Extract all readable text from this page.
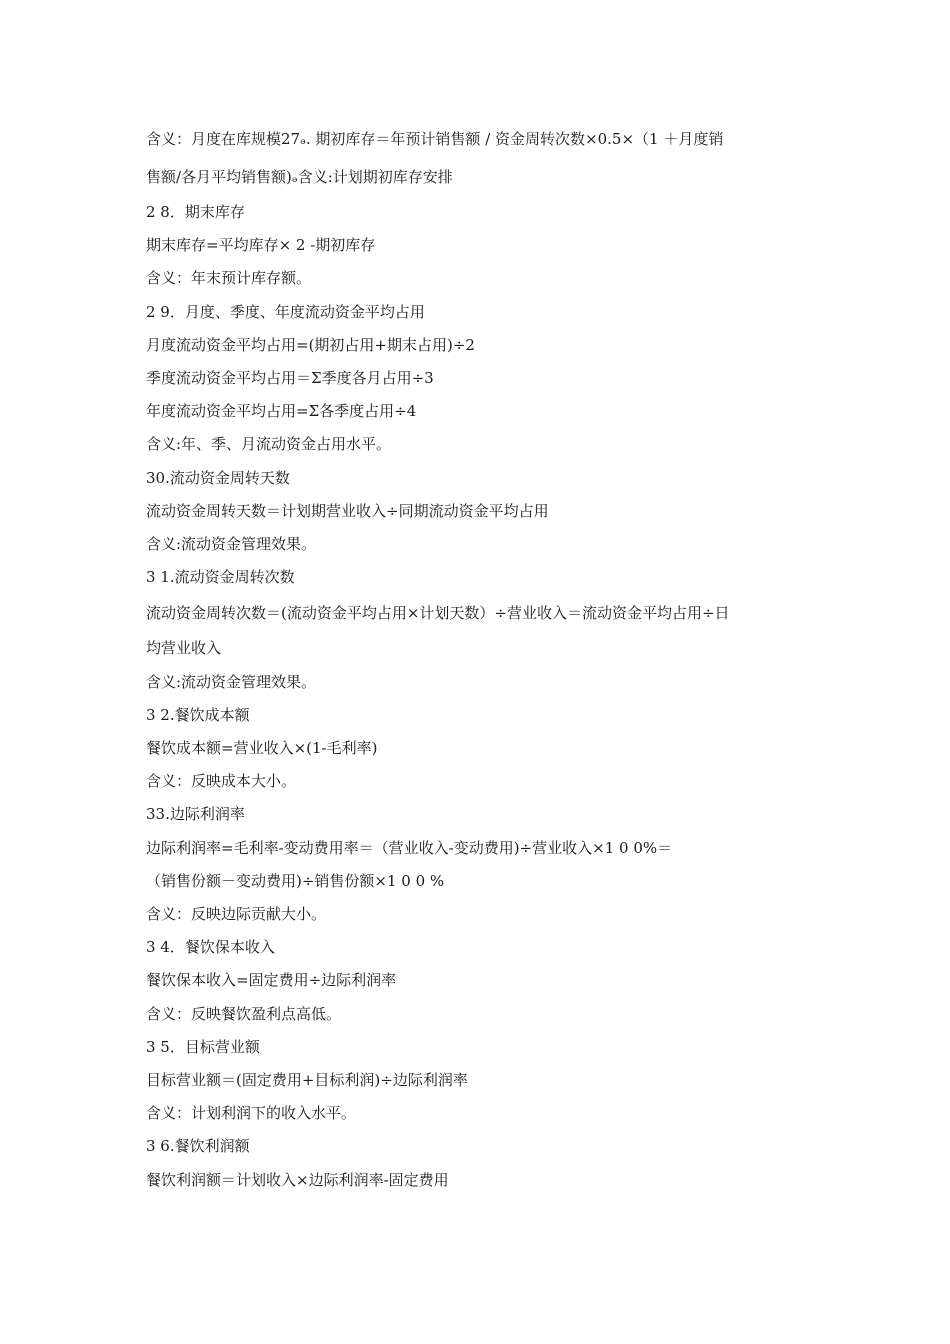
含义：月度在库规模27ₔ. 期初库存＝年预计销售额 / 资金周转次数×0.5×（1 ＋月度销

售额/各月平均销售额)ₔ含义:计划期初库存安排

2 8．期末库存

期末库存=平均库存× 2 -期初库存

含义：年末预计库存额。

2 9．月度、季度、年度流动资金平均占用

月度流动资金平均占用=(期初占用+期末占用)÷2

季度流动资金平均占用＝Σ季度各月占用÷3

年度流动资金平均占用=Σ各季度占用÷4

含义:年、季、月流动资金占用水平。

30.流动资金周转天数

流动资金周转天数＝计划期营业收入÷同期流动资金平均占用

含义:流动资金管理效果。

3 1.流动资金周转次数

流动资金周转次数＝(流动资金平均占用×计划天数）÷营业收入＝流动资金平均占用÷日

均营业收入

含义:流动资金管理效果。

3 2.餐饮成本额

餐饮成本额=营业收入×(1-毛利率)

含义：反映成本大小。

33.边际利润率

边际利润率=毛利率-变动费用率＝（营业收入-变动费用)÷营业收入×1 0 0%＝

（销售份额－变动费用)÷销售份额×1 0 0 %

含义：反映边际贡献大小。

3 4．餐饮保本收入

餐饮保本收入=固定费用÷边际利润率

含义：反映餐饮盈利点高低。

3 5．目标营业额

目标营业额＝(固定费用+目标利润)÷边际利润率

含义：计划利润下的收入水平。

3 6.餐饮利润额

餐饮利润额＝计划收入×边际利润率-固定费用
